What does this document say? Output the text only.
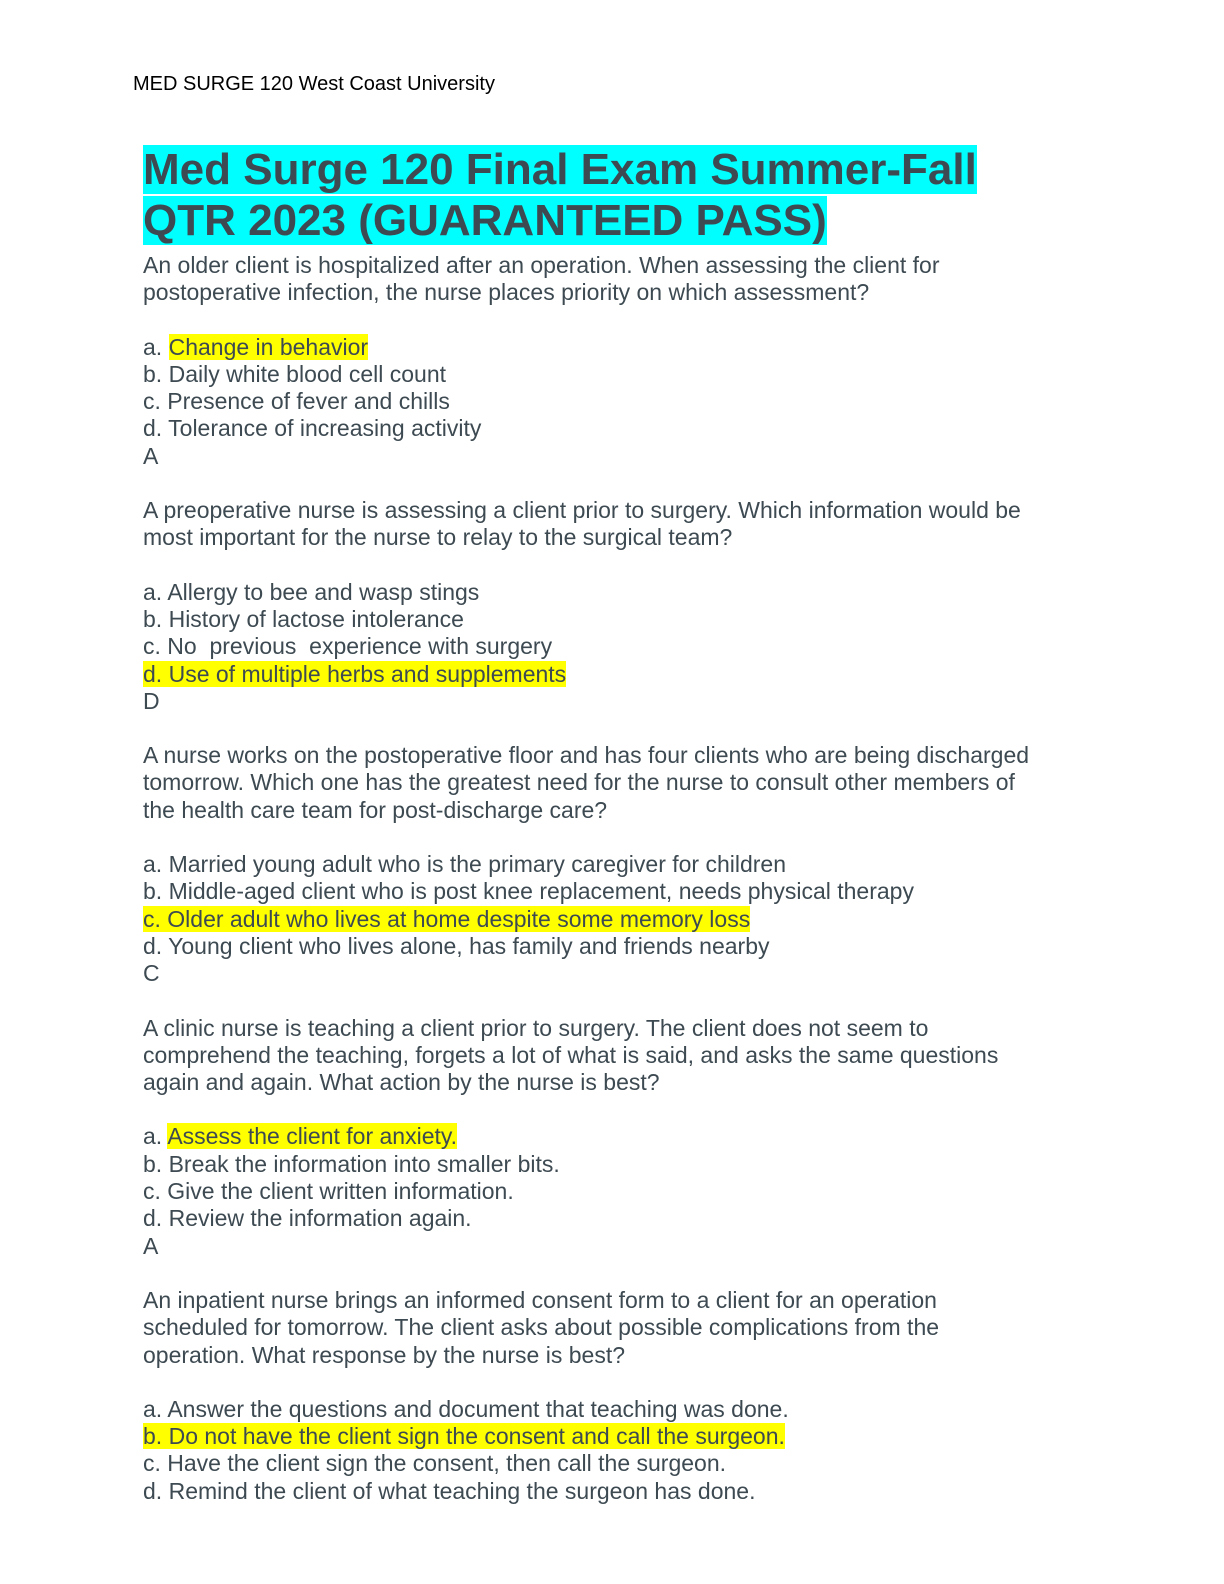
MED SURGE 120 West Coast University
Med Surge 120 Final Exam Summer-Fall
QTR 2023 (GUARANTEED PASS)
An older client is hospitalized after an operation. When assessing the client for
postoperative infection, the nurse places priority on which assessment?
a. Change in behavior
b. Daily white blood cell count
c. Presence of fever and chills
d. Tolerance of increasing activity
A
A preoperative nurse is assessing a client prior to surgery. Which information would be
most important for the nurse to relay to the surgical team?
a. Allergy to bee and wasp stings
b. History of lactose intolerance
c. No  previous  experience with surgery
d. Use of multiple herbs and supplements
D
A nurse works on the postoperative floor and has four clients who are being discharged
tomorrow. Which one has the greatest need for the nurse to consult other members of
the health care team for post-discharge care?
a. Married young adult who is the primary caregiver for children
b. Middle-aged client who is post knee replacement, needs physical therapy
c. Older adult who lives at home despite some memory loss
d. Young client who lives alone, has family and friends nearby
C
A clinic nurse is teaching a client prior to surgery. The client does not seem to
comprehend the teaching, forgets a lot of what is said, and asks the same questions
again and again. What action by the nurse is best?
a. Assess the client for anxiety.
b. Break the information into smaller bits.
c. Give the client written information.
d. Review the information again.
A
An inpatient nurse brings an informed consent form to a client for an operation
scheduled for tomorrow. The client asks about possible complications from the
operation. What response by the nurse is best?
a. Answer the questions and document that teaching was done.
b. Do not have the client sign the consent and call the surgeon.
c. Have the client sign the consent, then call the surgeon.
d. Remind the client of what teaching the surgeon has done.
